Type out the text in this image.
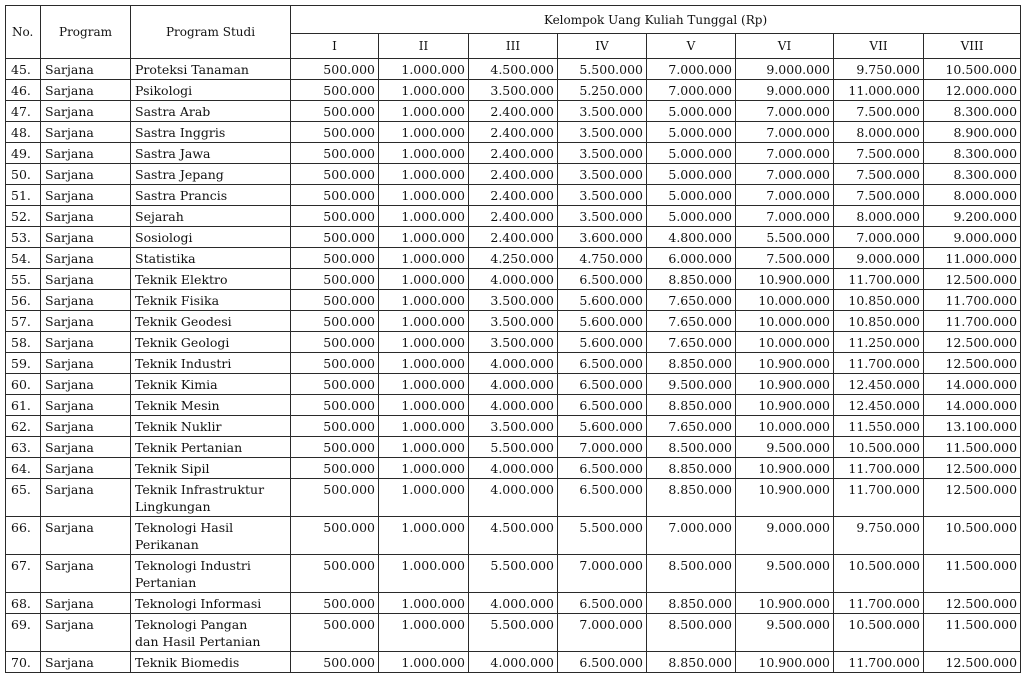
No.	Program	Program Studi	Kelompok Uang Kuliah Tunggal (Rp)							
			I	II	III	IV	V	VI	VII	VIII
45.	Sarjana	Proteksi Tanaman	500.000	1.000.000	4.500.000	5.500.000	7.000.000	9.000.000	9.750.000	10.500.000
46.	Sarjana	Psikologi	500.000	1.000.000	3.500.000	5.250.000	7.000.000	9.000.000	11.000.000	12.000.000
47.	Sarjana	Sastra Arab	500.000	1.000.000	2.400.000	3.500.000	5.000.000	7.000.000	7.500.000	8.300.000
48.	Sarjana	Sastra Inggris	500.000	1.000.000	2.400.000	3.500.000	5.000.000	7.000.000	8.000.000	8.900.000
49.	Sarjana	Sastra Jawa	500.000	1.000.000	2.400.000	3.500.000	5.000.000	7.000.000	7.500.000	8.300.000
50.	Sarjana	Sastra Jepang	500.000	1.000.000	2.400.000	3.500.000	5.000.000	7.000.000	7.500.000	8.300.000
51.	Sarjana	Sastra Prancis	500.000	1.000.000	2.400.000	3.500.000	5.000.000	7.000.000	7.500.000	8.000.000
52.	Sarjana	Sejarah	500.000	1.000.000	2.400.000	3.500.000	5.000.000	7.000.000	8.000.000	9.200.000
53.	Sarjana	Sosiologi	500.000	1.000.000	2.400.000	3.600.000	4.800.000	5.500.000	7.000.000	9.000.000
54.	Sarjana	Statistika	500.000	1.000.000	4.250.000	4.750.000	6.000.000	7.500.000	9.000.000	11.000.000
55.	Sarjana	Teknik Elektro	500.000	1.000.000	4.000.000	6.500.000	8.850.000	10.900.000	11.700.000	12.500.000
56.	Sarjana	Teknik Fisika	500.000	1.000.000	3.500.000	5.600.000	7.650.000	10.000.000	10.850.000	11.700.000
57.	Sarjana	Teknik Geodesi	500.000	1.000.000	3.500.000	5.600.000	7.650.000	10.000.000	10.850.000	11.700.000
58.	Sarjana	Teknik Geologi	500.000	1.000.000	3.500.000	5.600.000	7.650.000	10.000.000	11.250.000	12.500.000
59.	Sarjana	Teknik Industri	500.000	1.000.000	4.000.000	6.500.000	8.850.000	10.900.000	11.700.000	12.500.000
60.	Sarjana	Teknik Kimia	500.000	1.000.000	4.000.000	6.500.000	9.500.000	10.900.000	12.450.000	14.000.000
61.	Sarjana	Teknik Mesin	500.000	1.000.000	4.000.000	6.500.000	8.850.000	10.900.000	12.450.000	14.000.000
62.	Sarjana	Teknik Nuklir	500.000	1.000.000	3.500.000	5.600.000	7.650.000	10.000.000	11.550.000	13.100.000
63.	Sarjana	Teknik Pertanian	500.000	1.000.000	5.500.000	7.000.000	8.500.000	9.500.000	10.500.000	11.500.000
64.	Sarjana	Teknik Sipil	500.000	1.000.000	4.000.000	6.500.000	8.850.000	10.900.000	11.700.000	12.500.000
65.	Sarjana	Teknik Infrastruktur Lingkungan	500.000	1.000.000	4.000.000	6.500.000	8.850.000	10.900.000	11.700.000	12.500.000
66.	Sarjana	Teknologi Hasil Perikanan	500.000	1.000.000	4.500.000	5.500.000	7.000.000	9.000.000	9.750.000	10.500.000
67.	Sarjana	Teknologi Industri Pertanian	500.000	1.000.000	5.500.000	7.000.000	8.500.000	9.500.000	10.500.000	11.500.000
68.	Sarjana	Teknologi Informasi	500.000	1.000.000	4.000.000	6.500.000	8.850.000	10.900.000	11.700.000	12.500.000
69.	Sarjana	Teknologi Pangan dan Hasil Pertanian	500.000	1.000.000	5.500.000	7.000.000	8.500.000	9.500.000	10.500.000	11.500.000
70.	Sarjana	Teknik Biomedis	500.000	1.000.000	4.000.000	6.500.000	8.850.000	10.900.000	11.700.000	12.500.000
